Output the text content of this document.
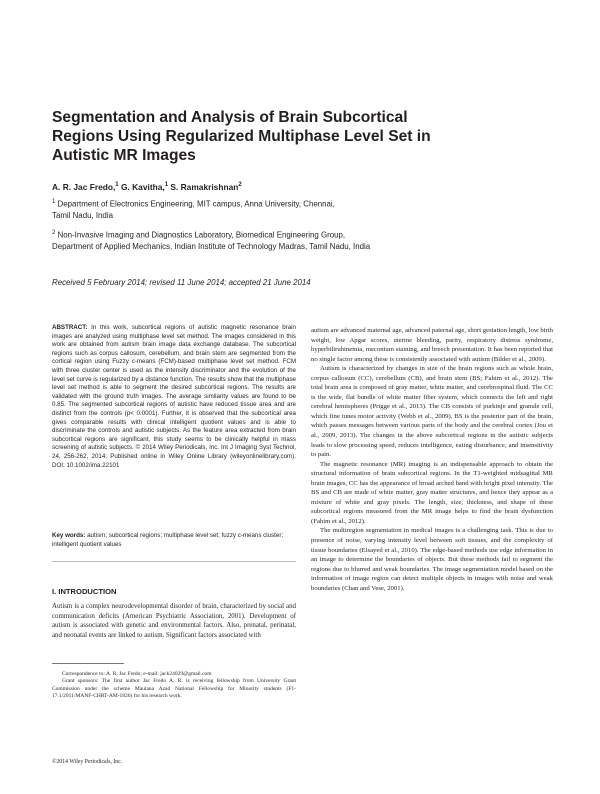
Segmentation and Analysis of Brain Subcortical Regions Using Regularized Multiphase Level Set in Autistic MR Images
A. R. Jac Fredo,$^1$ G. Kavitha,$^1$ S. Ramakrishnan$^2$
$^1$ Department of Electronics Engineering, MIT campus, Anna University, Chennai,
Tamil Nadu, India
$^2$ Non-Invasive Imaging and Diagnostics Laboratory, Biomedical Engineering Group,
Department of Applied Mechanics, Indian Institute of Technology Madras, Tamil Nadu, India
Received 5 February 2014; revised 11 June 2014; accepted 21 June 2014

ABSTRACT: In this work, subcortical regions of autistic magnetic resonance brain images are analyzed using multiphase level set method. The images considered in this work are obtained from autism brain image data exchange database. The subcortical regions such as corpus callosum, cerebellum, and brain stem are segmented from the cortical region using Fuzzy c-means (FCM)-based multiphase level set method. FCM with three cluster center is used as the intensity discriminator and the evolution of the level set curve is regularized by a distance function. The results show that the multiphase level set method is able to segment the desired subcortical regions. The results are validated with the ground truth images. The average similarity values are found to be 0.85. The segmented subcortical regions of autistic have reduced tissue area and are distinct from the controls (p< 0.0001). Further, it is observed that the subcortical area gives comparable results with clinical intelligent quotient values and is able to discriminate the controls and autistic subjects. As the feature area extracted from brain subcortical regions are significant, this study seems to be clinically helpful in mass screening of autistic subjects. © 2014 Wiley Periodicals, Inc. Int J Imaging Syst Technol, 24, 256-262, 2014; Published online in Wiley Online Library (wileyonlinelibrary.com). DOI: 10.1002/ima.22101

Key words: autism; subcortical regions; multiphase level set; fuzzy c-means cluster; intelligent quotient values

I. INTRODUCTION

Autism is a complex neurodevelopmental disorder of brain, characterized by social and communication deficits (American Psychiatric Association, 2001). Development of autism is associated with genetic and environmental factors. Also, prenatal, perinatal, and neonatal events are linked to autism. Significant factors associated with

Correspondence to: A. R. Jac Fredo; e-mail: jack24029@gmail.com

Grant sponsors: The first author Jac Fredo A. R. is receiving fellowship from University Grant Commission under the scheme Maulana Azad National Fellowship for Minority students (F1-17.1/2011/MANF-CHRT-AM-1826) for his research work.

©2014 Wiley Periodicals, Inc.

autism are advanced maternal age, advanced paternal age, short gestation length, low birth weight, low Apgar scores, uterine bleeding, parity, respiratory distress syndrome, hyperbilirubinemia, meconium staining, and breech presentation. It has been reported that no single factor among these is consistently associated with autism (Bilder et al., 2009).

Autism is characterized by changes in size of the brain regions such as whole brain, corpus callosum (CC), cerebellum (CB), and brain stem (BS; Fahim et al., 2012). The total brain area is composed of gray matter, white matter, and cerebrospinal fluid. The CC is the wide, flat bundle of white matter fiber system, which connects the left and right cerebral hemispheres (Prigge et al., 2013). The CB consists of purkinje and granule cell, which fine tunes motor activity (Webb et al., 2009). BS is the posterior part of the brain, which passes messages between various parts of the body and the cerebral cortex (Jou et al., 2009, 2013). The changes in the above subcortical regions in the autistic subjects leads to slow processing speed, reduces intelligence, eating disturbance, and insensitivity to pain.

The magnetic resonance (MR) imaging is an indispensable approach to obtain the structural information of brain subcortical regions. In the T1-weighted midsagittal MR brain images, CC has the appearance of broad arched band with bright pixel intensity. The BS and CB are made of white matter, gray matter structures, and hence they appear as a mixture of white and gray pixels. The length, size, thickness, and shape of these subcortical regions measured from the MR image helps to find the brain dysfunction (Fahim et al., 2012).

The multiregion segmentation in medical images is a challenging task. This is due to presence of noise, varying intensity level between soft tissues, and the complexity of tissue boundaries (Elsayed et al., 2010). The edge-based methods use edge information in an image to determine the boundaries of objects. But these methods fail to segment the regions due to blurred and weak boundaries. The image segmentation model based on the information of image region can detect multiple objects in images with noise and weak boundaries (Chan and Vese, 2001).
